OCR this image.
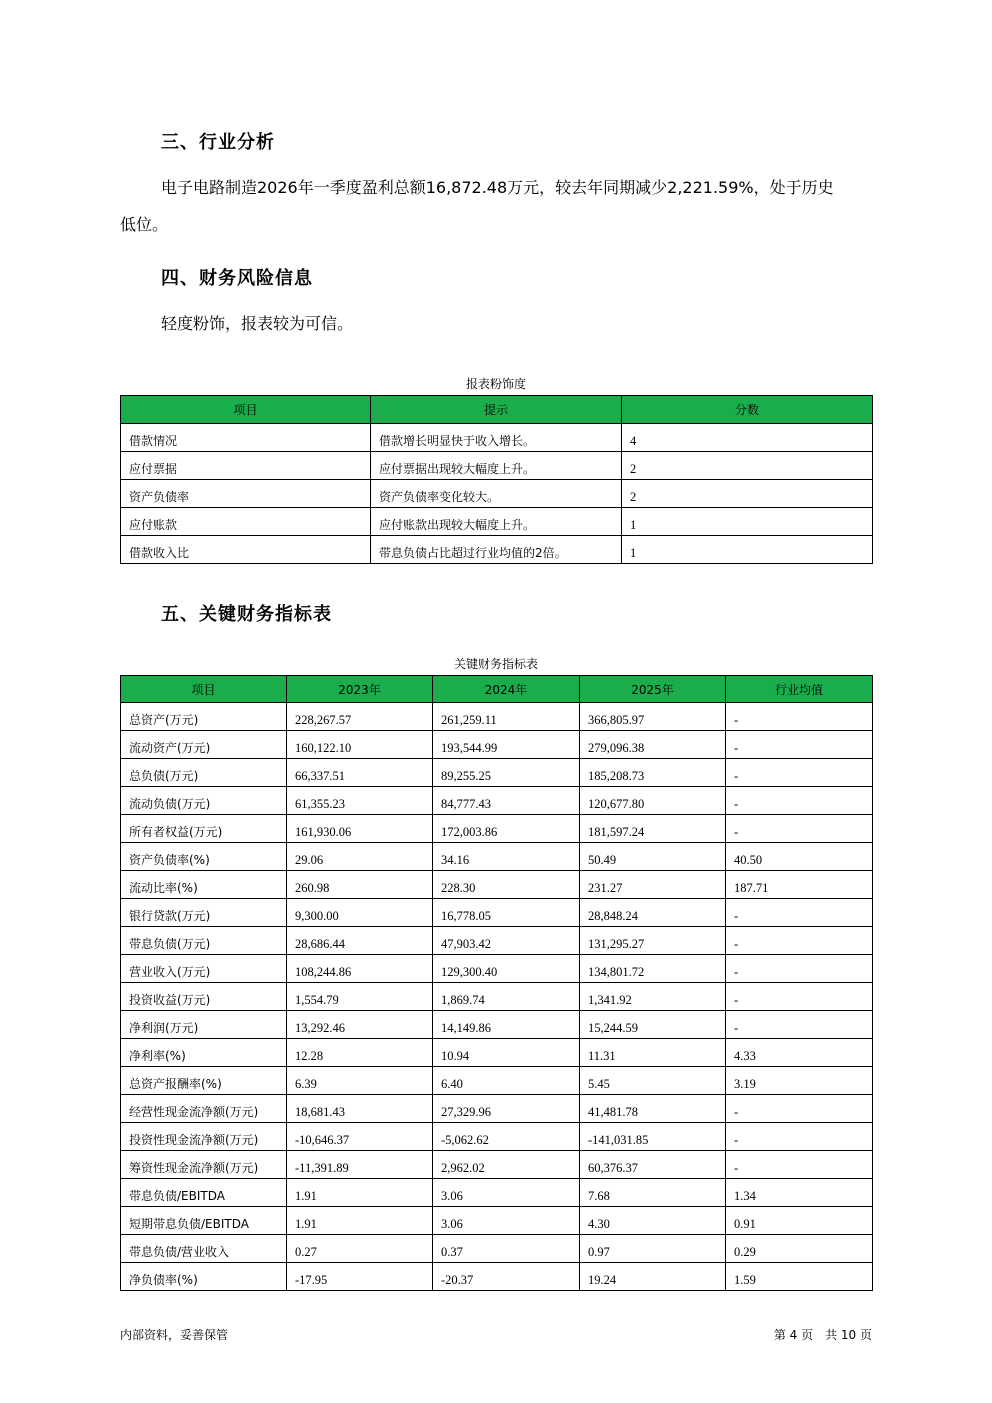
三、行业分析
电子电路制造2026年一季度盈利总额16,872.48万元，较去年同期减少2,221.59%，处于历史
低位。
四、财务风险信息
轻度粉饰，报表较为可信。
报表粉饰度
项目	提示	分数
借款情况	借款增长明显快于收入增长。	4
应付票据	应付票据出现较大幅度上升。	2
资产负债率	资产负债率变化较大。	2
应付账款	应付账款出现较大幅度上升。	1
借款收入比	带息负债占比超过行业均值的2倍。	1
五、关键财务指标表
关键财务指标表
项目	2023年	2024年	2025年	行业均值
总资产(万元)	228,267.57	261,259.11	366,805.97	-
流动资产(万元)	160,122.10	193,544.99	279,096.38	-
总负债(万元)	66,337.51	89,255.25	185,208.73	-
流动负债(万元)	61,355.23	84,777.43	120,677.80	-
所有者权益(万元)	161,930.06	172,003.86	181,597.24	-
资产负债率(%)	29.06	34.16	50.49	40.50
流动比率(%)	260.98	228.30	231.27	187.71
银行贷款(万元)	9,300.00	16,778.05	28,848.24	-
带息负债(万元)	28,686.44	47,903.42	131,295.27	-
营业收入(万元)	108,244.86	129,300.40	134,801.72	-
投资收益(万元)	1,554.79	1,869.74	1,341.92	-
净利润(万元)	13,292.46	14,149.86	15,244.59	-
净利率(%)	12.28	10.94	11.31	4.33
总资产报酬率(%)	6.39	6.40	5.45	3.19
经营性现金流净额(万元)	18,681.43	27,329.96	41,481.78	-
投资性现金流净额(万元)	-10,646.37	-5,062.62	-141,031.85	-
筹资性现金流净额(万元)	-11,391.89	2,962.02	60,376.37	-
带息负债/EBITDA	1.91	3.06	7.68	1.34
短期带息负债/EBITDA	1.91	3.06	4.30	0.91
带息负债/营业收入	0.27	0.37	0.97	0.29
净负债率(%)	-17.95	-20.37	19.24	1.59
内部资料，妥善保管	第 4 页　共 10 页
